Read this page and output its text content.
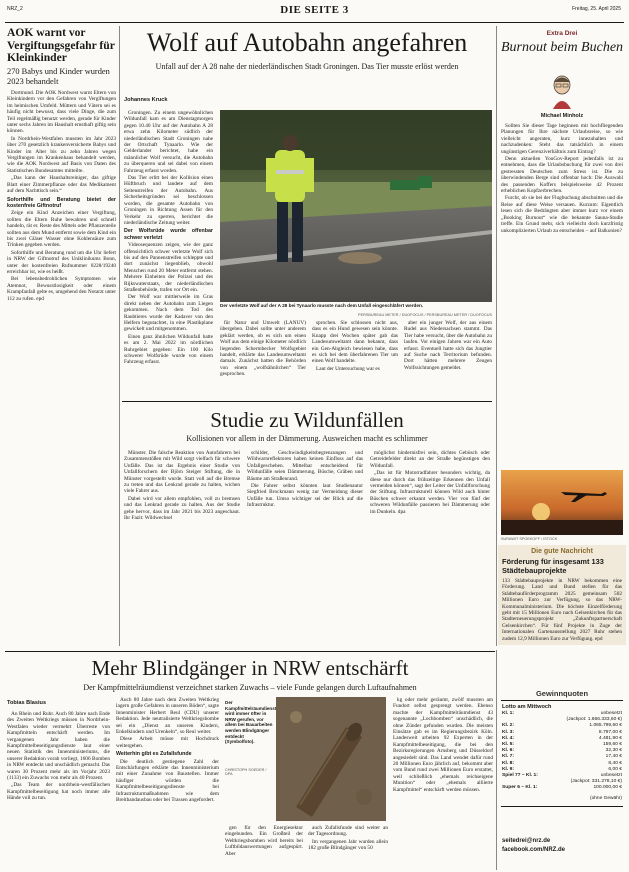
NRZ_2	DIE SEITE 3	Freitag, 25. April 2025
AOK warnt vor Vergiftungsgefahr für Kleinkinder
270 Babys und Kinder wurden 2023 behandelt

Dortmund. Die AOK Nordwest warnt Eltern von Kleinkindern vor den Gefahren von Vergiftungen im heimischen Umfeld. Müttern und Vätern sei es häufig nicht bewusst, dass viele Dinge, die zum Teil regelmäßig benutzt werden, gerade für Kinder unter sechs Jahren im Haushalt ernsthaft giftig sein können.

In Nordrhein-Westfalen mussten im Jahr 2023 über 270 gesetzlich krankenversicherte Babys und Kinder im Alter bis zu zehn Jahren wegen Vergiftungen im Krankenhaus behandelt werden, wie die AOK Nordwest auf Basis von Daten des Statistischen Bundesamtes mitteilte.

„Das kann der Haushaltsreiniger, das giftige Blatt einer Zimmerpflanze oder das Medikament auf dem Nachttisch sein.“

Soforthilfe und Beratung bietet der kostenfreie Giftnotruf

Zeige ein Kind Anzeichen einer Vergiftung, sollten die Eltern Ruhe bewahren und schnell handeln, rät er. Reste des Mittels oder Pflanzenteile sollten aus dem Mund entfernt sowie dem Kind ein bis zwei Gläser Wasser ohne Kohlensäure zum Trinken gegeben werden.

Soforthilfe und Beratung rund um die Uhr liefert in NRW der Giftnotruf des Uniklinikums Bonn, unter der kostenfreien Rufnummer 0228/19240 erreichbar ist, wie es heißt.

Bei lebensbedrohlichen Symptomen wie Atemnot, Bewusstlosigkeit oder einem Krampfanfall gelte es, umgehend den Notarzt unter 112 zu rufen. epd

Wolf auf Autobahn angefahren
Unfall auf der A 28 nahe der niederländischen Stadt Groningen. Das Tier musste erlöst werden
Johannes Kruck

Groningen. Zu einem ungewöhnlichen Wildunfall kam es am Dienstagmorgen gegen 10.40 Uhr auf der Autobahn A 28 etwa zehn Kilometer südlich der niederländischen Stadt Groningen nahe der Ortschaft Tynaarlo. Wie der Gelderlander berichtet, habe ein männlicher Wolf versucht, die Autobahn zu überqueren und sei dabei von einem Fahrzeug erfasst worden.

Das Tier erlitt bei der Kollision einen Hüftbruch und landete auf dem Seitenstreifen der Autobahn. Aus Sicherheitsgründen sei beschlossen worden, die gesamte Autobahn von Groningen in Richtung Assen für den Verkehr zu sperren, berichtet die niederländische Zeitung weiter.

Der Wolfsrüde wurde offenbar schwer verletzt

Videosequenzen zeigen, wie der ganz offensichtlich schwer verletzte Wolf sich bis auf den Pannenstreifen schleppte und dort zunächst liegenblieb, obwohl Menschen rund 20 Meter entfernt stehen. Mehrere Einheiten der Polizei und des Rijkswaterstaats, der niederländischen Straßenbehörde, trafen vor Ort ein.

Der Wolf war mittlerweile im Gras direkt neben der Autobahn zum Liegen gekommen. Nach dem Tod des Raubtieres wurde der Kadaver von den Helfern begutachtet, in eine Plastikplane gewickelt und mitgenommen.

Einen ganz ähnlichen Wildunfall hatte es am 2. Mai 2022 im nördlichen Ruhrgebiet gegeben: Ein 100 Kilo schwerer Wolfsrüde wurde von einem Fahrzeug erfasst.

Der verletzte Wolf auf der A 28 bei Tynaarlo musste nach dem Unfall eingeschläfert werden.
PERSBUREAU METER / DUOFOCUS / PERSBUREAU METER / DUOFOCUS

für Natur und Umwelt (LANUV) übergeben. Dabei sollte unter anderem geklärt werden, ob es sich um einen Wolf aus dem einige Kilometer nördlich liegenden Schermbecker Wolfsgebiet handelt, erklärte das Landesumweltamt damals. Zunächst hatten die Behörden von einem „wolfsähnlichen“ Tier gesprochen.

sprochen. Sie schlossen nicht aus, dass es ein Hund gewesen sein könnte. Knapp drei Wochen später gab das Landesumweltamt dann bekannt, dass ein Gen-Abgleich bewiesen habe, dass es sich bei dem überfahrenen Tier um einen Wolf handelte.

Laut der Untersuchung war es

aber ein junger Wolf, der aus einem Rudel aus Niedersachsen stammt. Das Tier habe versucht, über die Autobahn zu laufen. Vor einigen Jahren war ein Auto erfasst. Eventuell hatte sich das Jungtier auf Suche nach Territorium befunden. Dort hätten mehrere Zeugen Wolfssichtungen gemeldet.

Studie zu Wildunfällen
Kollisionen vor allem in der Dämmerung. Ausweichen macht es schlimmer

Münster. Die falsche Reaktion von Autofahrern bei Zusammenstößen mit Wild sorgt vielfach für schwere Unfälle. Das ist das Ergebnis einer Studie von Unfallforschern der Björn Steiger Stiftung, die in Münster vorgestellt wurde. Statt voll auf die Bremse zu treten und das Lenkrad gerade zu halten, wichen viele Fahrer aus.

Dabei wird vor allem empfohlen, voll zu bremsen und das Lenkrad gerade zu halten. Aus der Studie gehe hervor, dass im Jahr 2021 bis 2023 angeschaut. Ihr Fazit: Wildwechsel

schilder, Geschwindigkeitsbegrenzungen und Wildwarnreflektoren haben keinen Einfluss auf das Unfallgeschehen. Mittelbar entscheidend für Wildunfälle seien Dämmerung, Büsche, Gräben und Bäume am Straßenrand.

Die Fahrer selbst könnten laut Studienautor Siegfried Brockmann wenig zur Vermeidung dieser Unfälle tun. Umso wichtiger sei der Blick auf die Infrastruktur.

möglichst hindernisfrei sein, dichtes Gebüsch oder Getreidefelder direkt an der Straße begünstigen den Wildunfall.

„Das ist für Motorradfahrer besonders wichtig, da diese nur durch das frühzeitige Erkennen den Unfall vermeiden können“, sagt der Leiter der Unfallforschung der Stiftung. Infrastrukturell können Wild auch hinter Büschen schwer erkannt werden. Vier von fünf der schweren Wildunfälle passieren bei Dämmerung oder im Dunkeln. dpa

Extra Drei
Burnout beim Buchen
Michael Minholz

Sollten Sie dieser Tage beginnen mit hochfliegenden Planungen für Ihre nächste Urlaubsreise, so wie vielleicht angeraten, kurz innezuhalten und nachzudenken: Steht das tatsächlich in einem ungünstigen Gerenziverhältnis zum Eintrag?

Denn aktuellen YouGov-Report jedenfalls ist zu entnehmen, dass die Urlaubsbuchung für zwei von drei gestressten Deutschen zum Stress ist. Die zu überwindenden Berge sind offenbar hoch: Die Auswahl des passenden Koffers beispielsweise 42 Prozent erheblichen Kopfzerbrechen.

Furcht, ob sie bei der Flugbuchung abschnitten und die Reise auf diese Weise versauen. Kurzum: Eigentlich lesen sich die Bedrängten aber immer kurz vor einem „Booking Burnout“ wie die bekannte Sauna-Studie treffe. Ein Grund mehr, sich vielleicht doch kurzfristig unkomplizierten Urlaub zu entscheiden – auf Balkonien?

SURAWIT SPOEKOFF / ISTOCK
Die gute Nachricht
Förderung für insgesamt 133 Städtebauprojekte
133 Städtebauprojekte in NRW bekommen eine Förderung. Land und Bund stellen für das Städtebauförderprogramm 2025 gemeinsam 502 Millionen Euro zur Verfügung, so das NRW-Kommunalministerium. Die höchste Einzelförderung geht mit 15 Millionen Euro nach Gelsenkirchen für das Stadterneuerungsprojekt „Zukunftspartnerschaft Gelsenkirchen“. Für fünf Projekte in Zuge der Internationalen Gartenausstellung 2027 Ruhr stehen zudem 12,9 Millionen Euro zur Verfügung. epd
Mehr Blindgänger in NRW entschärft
Der Kampfmittelräumdienst verzeichnet starken Zuwachs – viele Funde gelangen durch Luftaufnahmen
Tobias Blasius

An Rhein und Ruhr. Auch 80 Jahre nach Ende des Zweiten Weltkriegs müssen in Nordrhein-Westfalen wieder vermehrt Überreste von Kampfmitteln entschärft werden. Im vergangenen Jahr haben die Kampfmittelbeseitigungsdienste laut einer neuen Statistik des Innenministeriums, die unserer Redaktion vorab vorliegt, 1606 Bomben in NRW entdeckt und unschädlich gemacht. Das waren 30 Prozent mehr als im Vorjahr 2023 (1133) ein Zuwachs von mehr als 40 Prozent.

„Das Team der nordrhein-westfälischen Kampfmittelbeseitigung hat noch immer alle Hände voll zu tun.

Auch 80 Jahre nach dem Zweiten Weltkrieg lagern große Gefahren in unseren Böden“, sagte Innenminister Herbert Reul (CDU) unserer Redaktion. Jede neutralisierte Weltkriegsbombe sei ein „Dienst an unseren Kindern, Enkelkindern und Urenkeln“, so Reul weiter.

Diese Arbeit müsse mit Hochdruck weitergehen.

Weiterhin gibt es Zufallsfunde

Die deutlich gestiegene Zahl der Entschärfungen erklärte das Innenministerium mit einer Zunahme von Baustellen. Immer häufiger würden die Kampfmittelbeseitigungsdienste bei Infrastrukturmaßnahmen wie dem Breitbandausbau oder bei Trassen angefordert.

Der Kampfmittelräumdienst wird immer öfter in NRW gerufen, vor allem bei Bauarbeiten werden Blindgänger entdeckt (Symbolfoto).
CHRISTOPH SOEDER / DPA

gen für den Energiesektor eingebunden. Ein Großteil der Weltkriegsbomben wird bereits bei Luftbildauswertungen aufgespürt. Aber

auch Zufallsfunde sind weiter an der Tagesordnung.

Im vergangenen Jahr wurden allein 182 große Blindgänger von 50

kg oder mehr geräumt, zwölf mussten am Fundort selbst gesprengt werden. Ebenso machte der Kampfmittelräumdienst 43 sogenannte „Lochbomben“ unschädlich, die ohne Zünder gefunden wurden. Die meisten Einsätze gab es im Regierungsbezirk Köln. Landesweit arbeiten 92 Experten in der Kampfmittelbeseitigung, die bei den Bezirksregierungen Arnsberg und Düsseldorf angesiedelt sind. Das Land wendet dafür rund 20 Millionen Euro jährlich auf, bekommt aber vom Bund rund zwei Millionen Euro erstattet, weil schließlich „ehemals reichseigene Munition“ oder „ehemals alliierte Kampfmittel“ entschärft werden müssen.

Gewinnquoten
Lotto am Mittwoch
Kl. 1:	unbesetzt
(Jackpot: 1.666.333,60 €)
Kl. 2:	1.065.799,60 €
Kl. 3:	8.797,00 €
Kl. 4:	4.481,90 €
Kl. 5:	159,60 €
Kl. 6:	32,30 €
Kl. 7:	17,40 €
Kl. 8:	8,40 €
Kl. 9:	6,00 €
Spiel 77 – Kl. 1:	unbesetzt
(Jackpot: 331.278,10 €)
Super 6 – Kl. 1:	100.000,00 €
(ohne Gewähr)
seitedrei@nrz.de
facebook.com/NRZ.de
